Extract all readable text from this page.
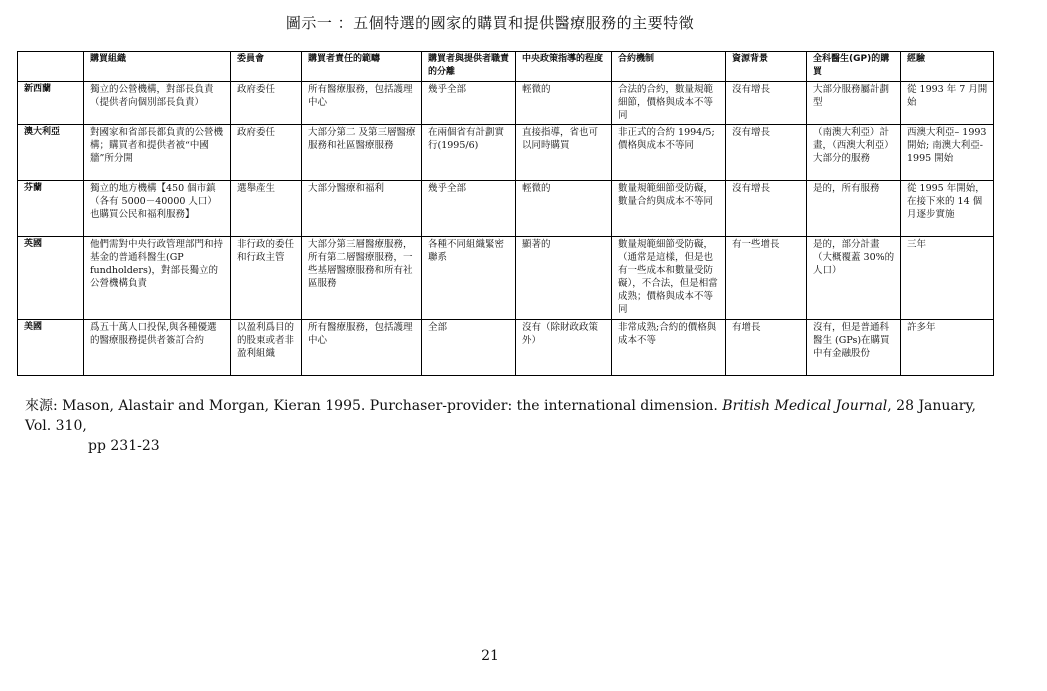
圖示一 ：五個特選的國家的購買和提供醫療服務的主要特徵
	購買組織	委員會	購買者責任的範疇	購買者與提供者職責的分離	中央政策指導的程度	合約機制	資源背景	全科醫生(GP)的購買	經驗
新西蘭	獨立的公營機構，對部長負責（提供者向個別部長負責）	政府委任	所有醫療服務，包括護理中心	幾乎全部	輕微的	合法的合約，數量規範細節，價格與成本不等同	沒有增長	大部分服務屬計劃型	從 1993 年 7 月開始
澳大利亞	對國家和省部長都負責的公營機構；購買者和提供者被“中國牆”所分開	政府委任	大部分第二 及第三層醫療服務和社區醫療服務	在兩個省有計劃實行(1995/6)	直接指導，省也可以同時購買	非正式的合約 1994/5; 價格與成本不等同	沒有增長	（南澳大利亞）計畫，（西澳大利亞）大部分的服務	西澳大利亞– 1993 開始; 南澳大利亞- 1995 開始
芬蘭	獨立的地方機構【450 個市鎮（各有 5000－40000 人口）也購買公民和福利服務】	選舉產生	大部分醫療和福利	幾乎全部	輕微的	數量規範細節受防礙，數量合約與成本不等同	沒有增長	是的，所有服務	從 1995 年開始，在接下來的 14 個月逐步實施
英國	他們需對中央行政管理部門和持基金的普通科醫生(GP fundholders)，對部長獨立的公營機構負責	非行政的委任和行政主管	大部分第三層醫療服務，所有第二層醫療服務，一些基層醫療服務和所有社區服務	各種不同組織緊密聯系	顯著的	數量規範細節受防礙，（通常是這樣，但是也有一些成本和數量受防礙），不合法，但是相當成熟；價格與成本不等同	有一些增長	是的，部分計畫（大概覆蓋 30%的人口）	三年
美國	爲五十萬人口投保,與各種優選的醫療服務提供者簽訂合約	以盈利爲目的的股東或者非盈利組織	所有醫療服務，包括護理中心	全部	沒有（除財政政策外）	非常成熟;合約的價格與成本不等	有增長	沒有，但是普通科醫生 (GPs)在購買中有金融股份	許多年
來源: Mason, Alastair and Morgan, Kieran 1995. Purchaser-provider: the international dimension. British Medical Journal, 28 January, Vol. 310,
pp 231-23
21
